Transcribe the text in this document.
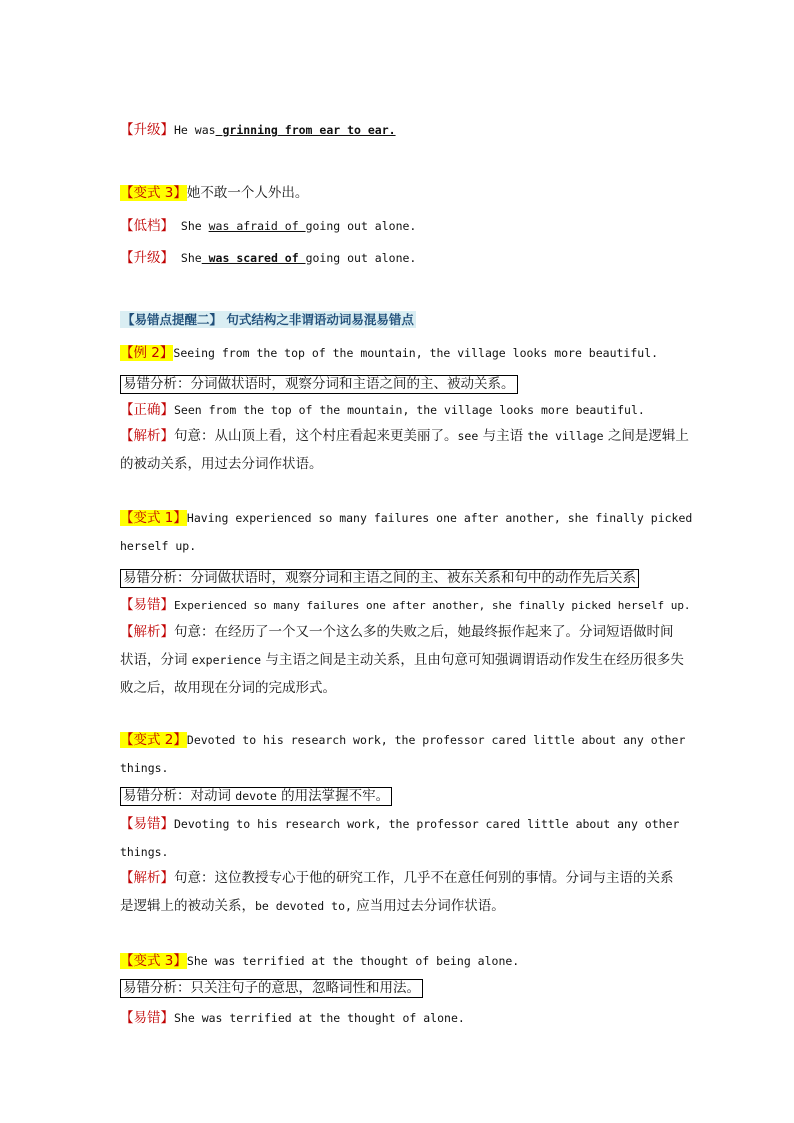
【升级】He was grinning from ear to ear.
【变式 3】她不敢一个人外出。
【低档】 She was afraid of going out alone.
【升级】 She was scared of going out alone.
【易错点提醒二】 句式结构之非谓语动词易混易错点
【例 2】Seeing from the top of the mountain, the village looks more beautiful.
易错分析：分词做状语时，观察分词和主语之间的主、被动关系。
【正确】Seen from the top of the mountain, the village looks more beautiful.
【解析】句意：从山顶上看，这个村庄看起来更美丽了。see 与主语 the village 之间是逻辑上
的被动关系，用过去分词作状语。
【变式 1】Having experienced so many failures one after another, she finally picked
herself up.
易错分析：分词做状语时，观察分词和主语之间的主、被东关系和句中的动作先后关系
【易错】Experienced so many failures one after another, she finally picked herself up.
【解析】句意：在经历了一个又一个这么多的失败之后，她最终振作起来了。分词短语做时间
状语，分词 experience 与主语之间是主动关系，且由句意可知强调谓语动作发生在经历很多失
败之后，故用现在分词的完成形式。
【变式 2】Devoted to his research work, the professor cared little about any other
things.
易错分析：对动词 devote 的用法掌握不牢。
【易错】Devoting to his research work, the professor cared little about any other
things.
【解析】句意：这位教授专心于他的研究工作，几乎不在意任何别的事情。分词与主语的关系
是逻辑上的被动关系，be devoted to, 应当用过去分词作状语。
【变式 3】She was terrified at the thought of being alone.
易错分析：只关注句子的意思，忽略词性和用法。
【易错】She was terrified at the thought of alone.
